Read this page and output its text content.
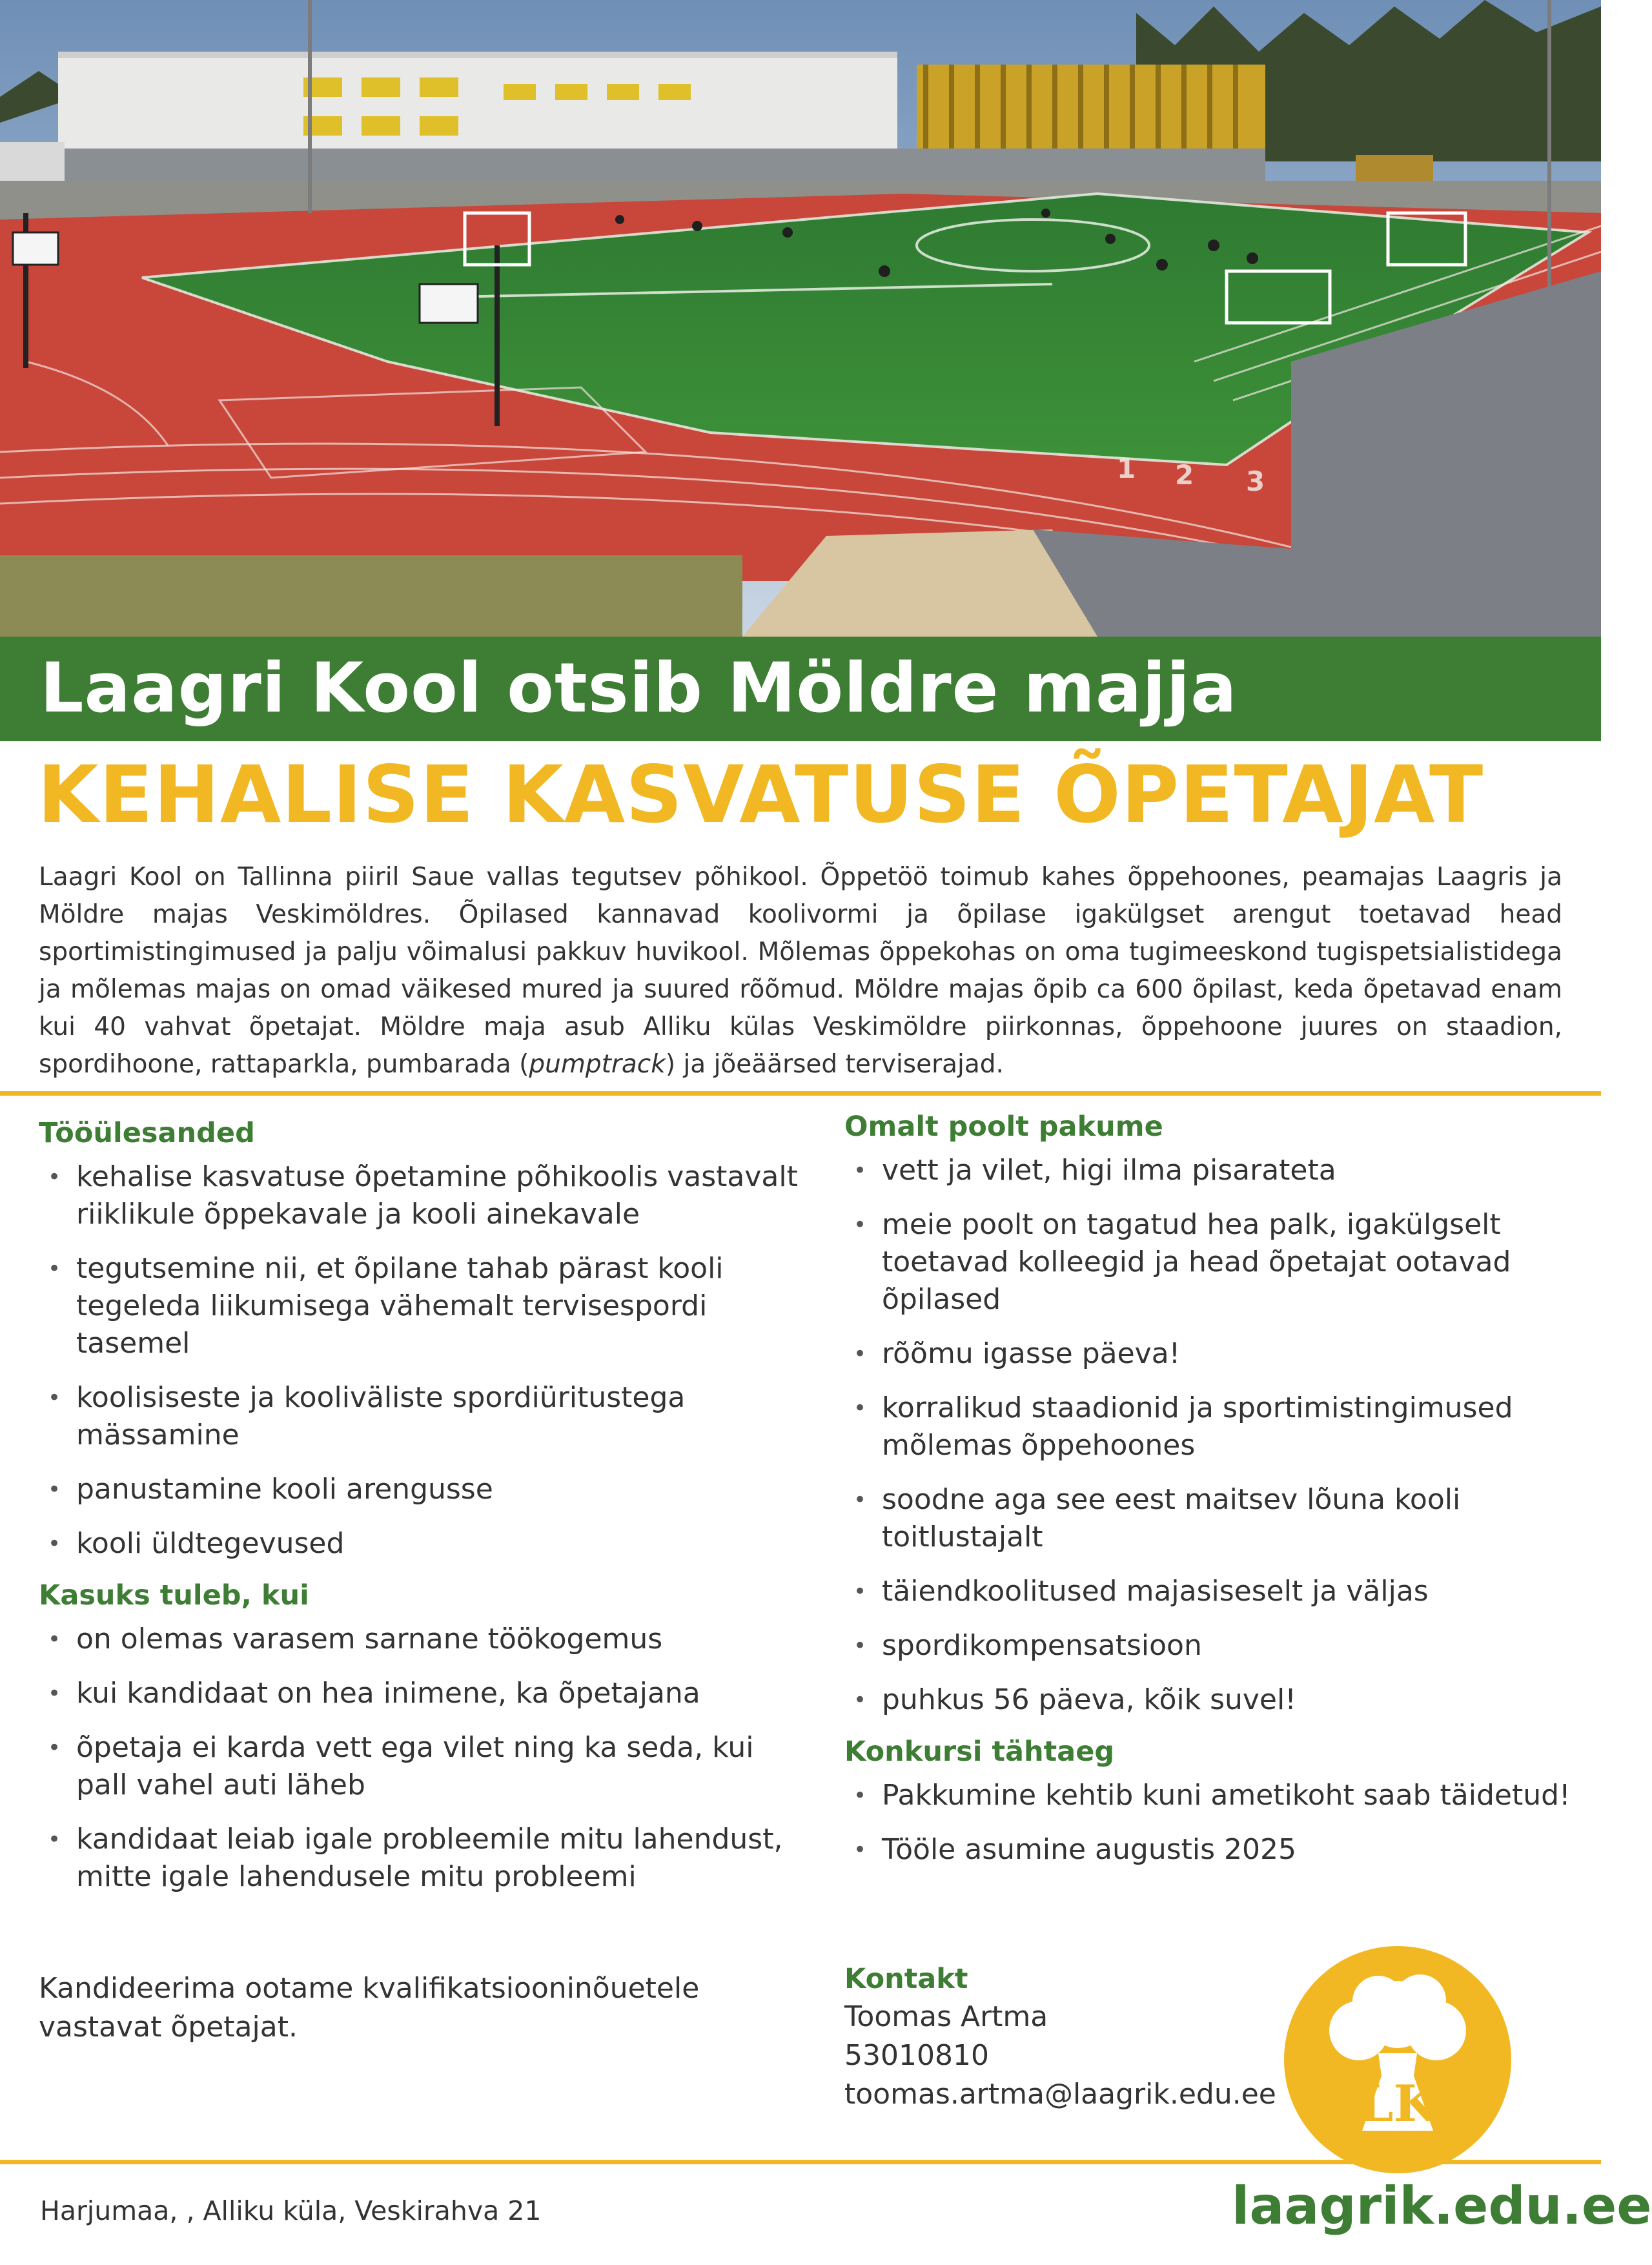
1 2 3
Laagri Kool otsib Möldre majja
KEHALISE KASVATUSE ÕPETAJAT
Laagri Kool on Tallinna piiril Saue vallas tegutsev põhikool. Õppetöö toimub kahes õppehoones, peamajas Laagris ja Möldre majas Veskimöldres. Õpilased kannavad koolivormi ja õpilase igakülgset arengut toetavad head sportimistingimused ja palju võimalusi pakkuv huvikool. Mõlemas õppekohas on oma tugimeeskond tugispetsialistidega ja mõlemas majas on omad väikesed mured ja suured rõõmud. Möldre majas õpib ca 600 õpilast, keda õpetavad enam kui 40 vahvat õpetajat. Möldre maja asub Alliku külas Veskimöldre piirkonnas, õppehoone juures on staadion, spordihoone, rattaparkla, pumbarada (pumptrack) ja jõeäärsed terviserajad.
Tööülesanded
• kehalise kasvatuse õpetamine põhikoolis vastavalt riiklikule õppekavale ja kooli ainekavale
• tegutsemine nii, et õpilane tahab pärast kooli tegeleda liikumisega vähemalt tervisespordi tasemel
• koolisiseste ja kooliväliste spordiüritustega mässamine
• panustamine kooli arengusse
• kooli üldtegevused
Kasuks tuleb, kui
• on olemas varasem sarnane töökogemus
• kui kandidaat on hea inimene, ka õpetajana
• õpetaja ei karda vett ega vilet ning ka seda, kui pall vahel auti läheb
• kandidaat leiab igale probleemile mitu lahendust, mitte igale lahendusele mitu probleemi
Omalt poolt pakume
• vett ja vilet, higi ilma pisarateta
• meie poolt on tagatud hea palk, igakülgselt toetavad kolleegid ja head õpetajat ootavad õpilased
• rõõmu igasse päeva!
• korralikud staadionid ja sportimistingimused mõlemas õppehoones
• soodne aga see eest maitsev lõuna kooli toitlustajalt
• täiendkoolitused majasiseselt ja väljas
• spordikompensatsioon
• puhkus 56 päeva, kõik suvel!
Konkursi tähtaeg
• Pakkumine kehtib kuni ametikoht saab täidetud!
• Tööle asumine augustis 2025
Kandideerima ootame kvalifikatsiooninõuetele vastavat õpetajat.
Kontakt
Toomas Artma
53010810
toomas.artma@laagrik.edu.ee	LK
Harjumaa, , Alliku küla, Veskirahva 21	laagrik.edu.ee
